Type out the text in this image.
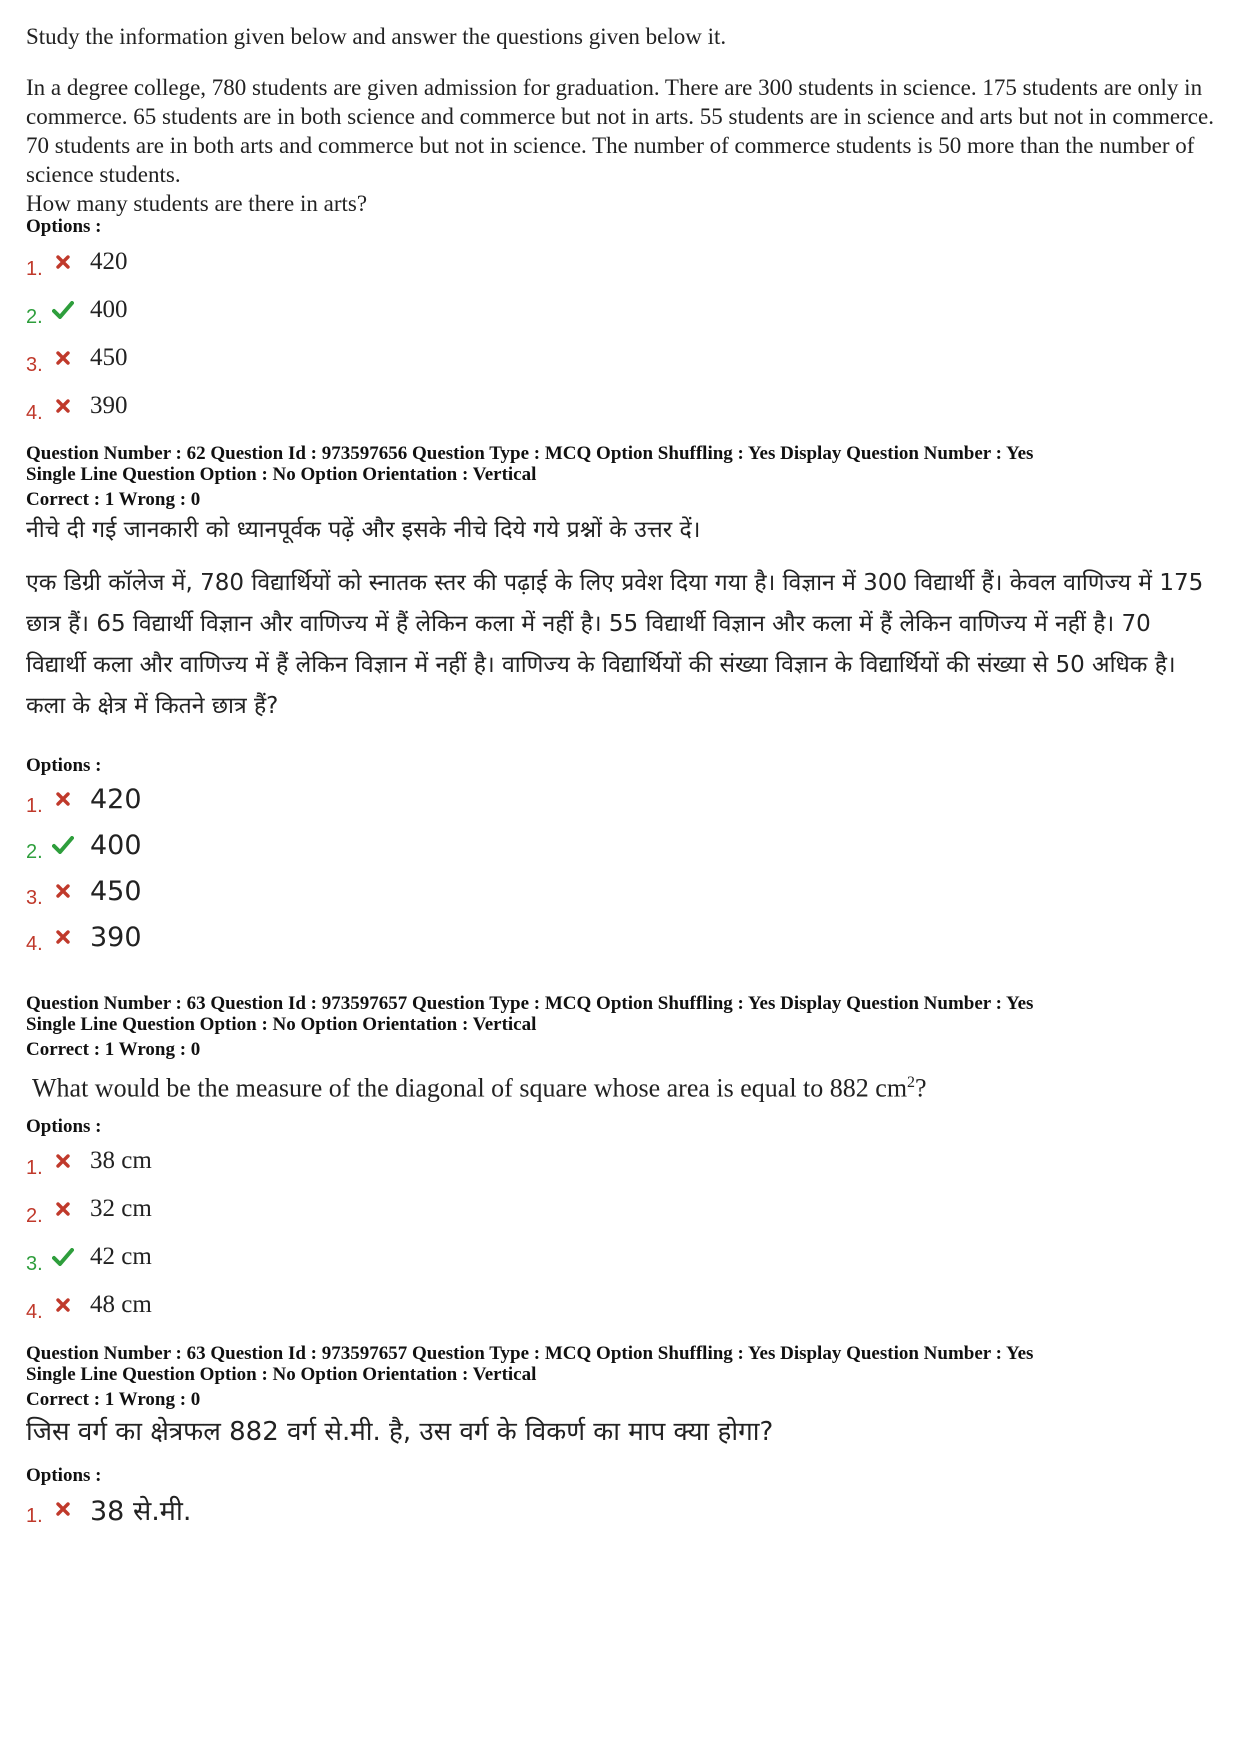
Study the information given below and answer the questions given below it.

In a degree college, 780 students are given admission for graduation. There are 300 students in science. 175 students are only in commerce. 65 students are in both science and commerce but not in arts. 55 students are in science and arts but not in commerce. 70 students are in both arts and commerce but not in science. The number of commerce students is 50 more than the number of science students.

How many students are there in arts?

Options :

1. 420
2. 400
3. 450
4. 390

Question Number : 62 Question Id : 973597656 Question Type : MCQ Option Shuffling : Yes Display Question Number : Yes

Single Line Question Option : No Option Orientation : Vertical

Correct : 1 Wrong : 0

नीचे दी गई जानकारी को ध्यानपूर्वक पढ़ें और इसके नीचे दिये गये प्रश्नों के उत्तर दें।

एक डिग्री कॉलेज में, 780 विद्यार्थियों को स्नातक स्तर की पढ़ाई के लिए प्रवेश दिया गया है। विज्ञान में 300 विद्यार्थी हैं। केवल वाणिज्य में 175 छात्र हैं। 65 विद्यार्थी विज्ञान और वाणिज्य में हैं लेकिन कला में नहीं है। 55 विद्यार्थी विज्ञान और कला में हैं लेकिन वाणिज्य में नहीं है। 70 विद्यार्थी कला और वाणिज्य में हैं लेकिन विज्ञान में नहीं है। वाणिज्य के विद्यार्थियों की संख्या विज्ञान के विद्यार्थियों की संख्या से 50 अधिक है।

कला के क्षेत्र में कितने छात्र हैं?

Options :

1. 420
2. 400
3. 450
4. 390

Question Number : 63 Question Id : 973597657 Question Type : MCQ Option Shuffling : Yes Display Question Number : Yes

Single Line Question Option : No Option Orientation : Vertical

Correct : 1 Wrong : 0

What would be the measure of the diagonal of square whose area is equal to 882 $cm^2$?

Options :

1. 38 cm
2. 32 cm
3. 42 cm
4. 48 cm

Question Number : 63 Question Id : 973597657 Question Type : MCQ Option Shuffling : Yes Display Question Number : Yes

Single Line Question Option : No Option Orientation : Vertical

Correct : 1 Wrong : 0

जिस वर्ग का क्षेत्रफल 882 वर्ग से.मी. है, उस वर्ग के विकर्ण का माप क्या होगा?

Options :

1. 38 से.मी.
